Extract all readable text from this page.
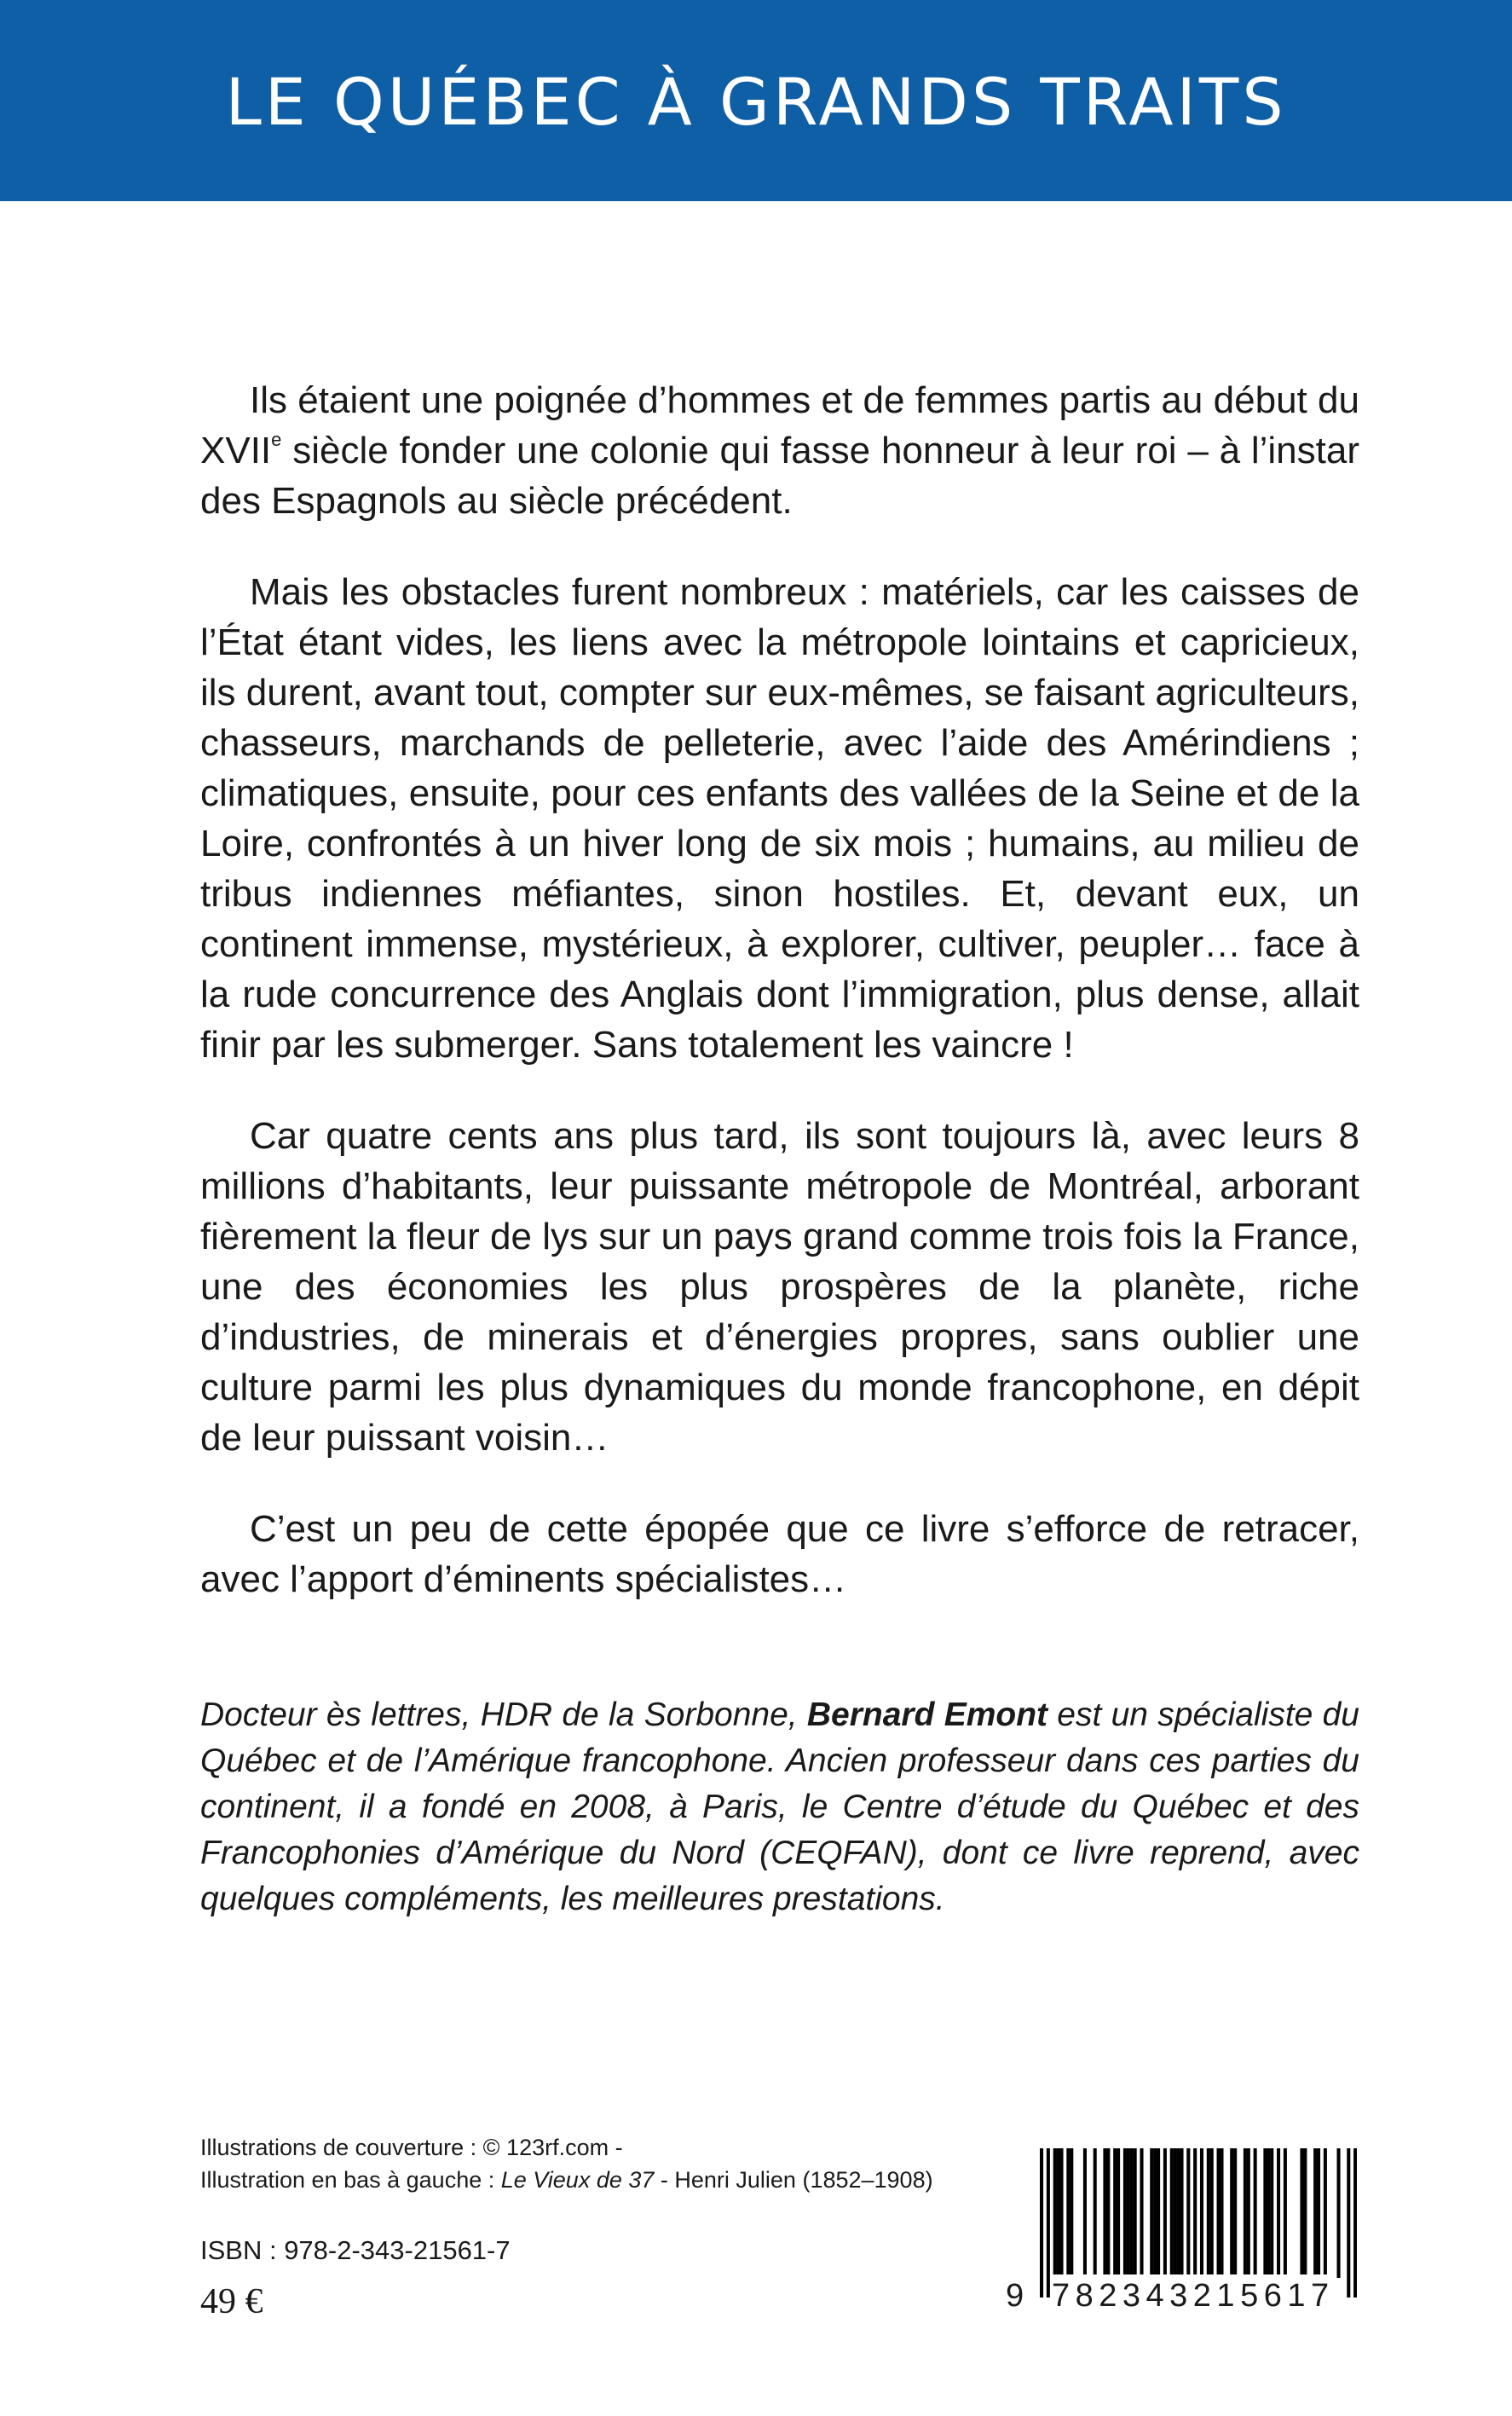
LE QUÉBEC À GRANDS TRAITS

Ils étaient une poignée d’hommes et de femmes partis au début du XVIIe siècle fonder une colonie qui fasse honneur à leur roi – à l’instar des Espagnols au siècle précédent.

Mais les obstacles furent nombreux : matériels, car les caisses de l’État étant vides, les liens avec la métropole lointains et capricieux, ils durent, avant tout, compter sur eux-mêmes, se faisant agriculteurs, chasseurs, marchands de pelleterie, avec l’aide des Amérindiens ; climatiques, ensuite, pour ces enfants des vallées de la Seine et de la Loire, confrontés à un hiver long de six mois ; humains, au milieu de tribus indiennes méfiantes, sinon hostiles. Et, devant eux, un continent immense, mystérieux, à explorer, cultiver, peupler… face à la rude concurrence des Anglais dont l’immigration, plus dense, allait finir par les submerger. Sans totalement les vaincre !

Car quatre cents ans plus tard, ils sont toujours là, avec leurs 8 millions d’habitants, leur puissante métropole de Montréal, arborant fièrement la fleur de lys sur un pays grand comme trois fois la France, une des économies les plus prospères de la planète, riche d’industries, de minerais et d’énergies propres, sans oublier une culture parmi les plus dynamiques du monde francophone, en dépit de leur puissant voisin…

C’est un peu de cette épopée que ce livre s’efforce de retracer, avec l’apport d’éminents spécialistes…

Docteur ès lettres, HDR de la Sorbonne, Bernard Emont est un spécialiste du Québec et de l’Amérique francophone. Ancien professeur dans ces parties du continent, il a fondé en 2008, à Paris, le Centre d’étude du Québec et des Francophonies d’Amérique du Nord (CEQFAN), dont ce livre reprend, avec quelques compléments, les meilleures prestations.

Illustrations de couverture : © 123rf.com -
Illustration en bas à gauche : Le Vieux de 37 - Henri Julien (1852–1908)
ISBN : 978-2-343-21561-7
49 €	9 782343215617
